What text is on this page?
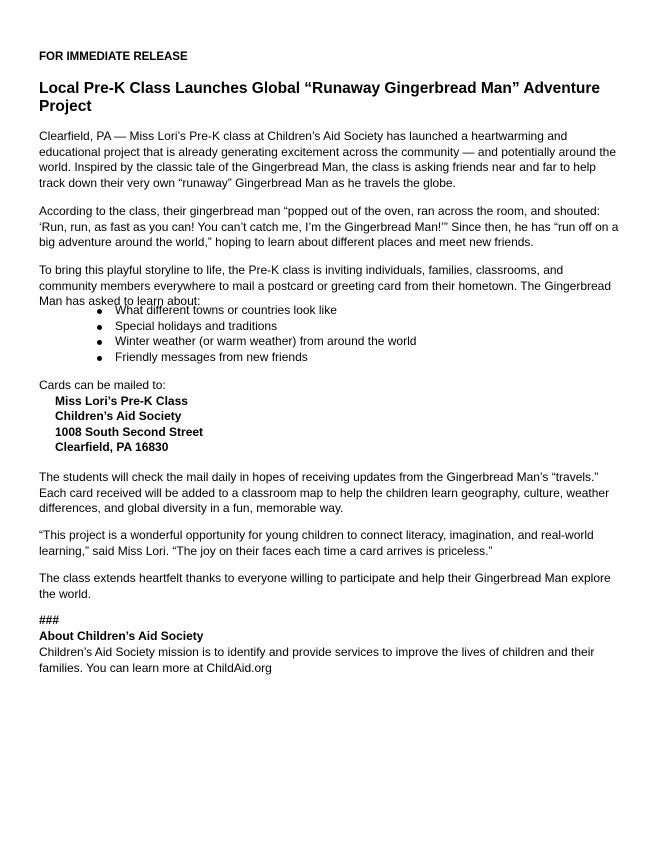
FOR IMMEDIATE RELEASE
Local Pre-K Class Launches Global “Runaway Gingerbread Man” Adventure Project

Clearfield, PA — Miss Lori’s Pre-K class at Children’s Aid Society has launched a heartwarming and educational project that is already generating excitement across the community — and potentially around the world. Inspired by the classic tale of the Gingerbread Man, the class is asking friends near and far to help track down their very own “runaway” Gingerbread Man as he travels the globe.

According to the class, their gingerbread man “popped out of the oven, ran across the room, and shouted: ‘Run, run, as fast as you can! You can’t catch me, I’m the Gingerbread Man!’” Since then, he has “run off on a big adventure around the world,” hoping to learn about different places and meet new friends.

To bring this playful storyline to life, the Pre-K class is inviting individuals, families, classrooms, and community members everywhere to mail a postcard or greeting card from their hometown. The Gingerbread Man has asked to learn about:

What different towns or countries look like
Special holidays and traditions
Winter weather (or warm weather) from around the world
Friendly messages from new friends
Cards can be mailed to:
Miss Lori’s Pre-K Class
Children’s Aid Society
1008 South Second Street
Clearfield, PA 16830

The students will check the mail daily in hopes of receiving updates from the Gingerbread Man’s “travels.” Each card received will be added to a classroom map to help the children learn geography, culture, weather differences, and global diversity in a fun, memorable way.

“This project is a wonderful opportunity for young children to connect literacy, imagination, and real-world learning,” said Miss Lori. “The joy on their faces each time a card arrives is priceless.”

The class extends heartfelt thanks to everyone willing to participate and help their Gingerbread Man explore the world.

###
About Children’s Aid Society

Children’s Aid Society mission is to identify and provide services to improve the lives of children and their families. You can learn more at ChildAid.org
